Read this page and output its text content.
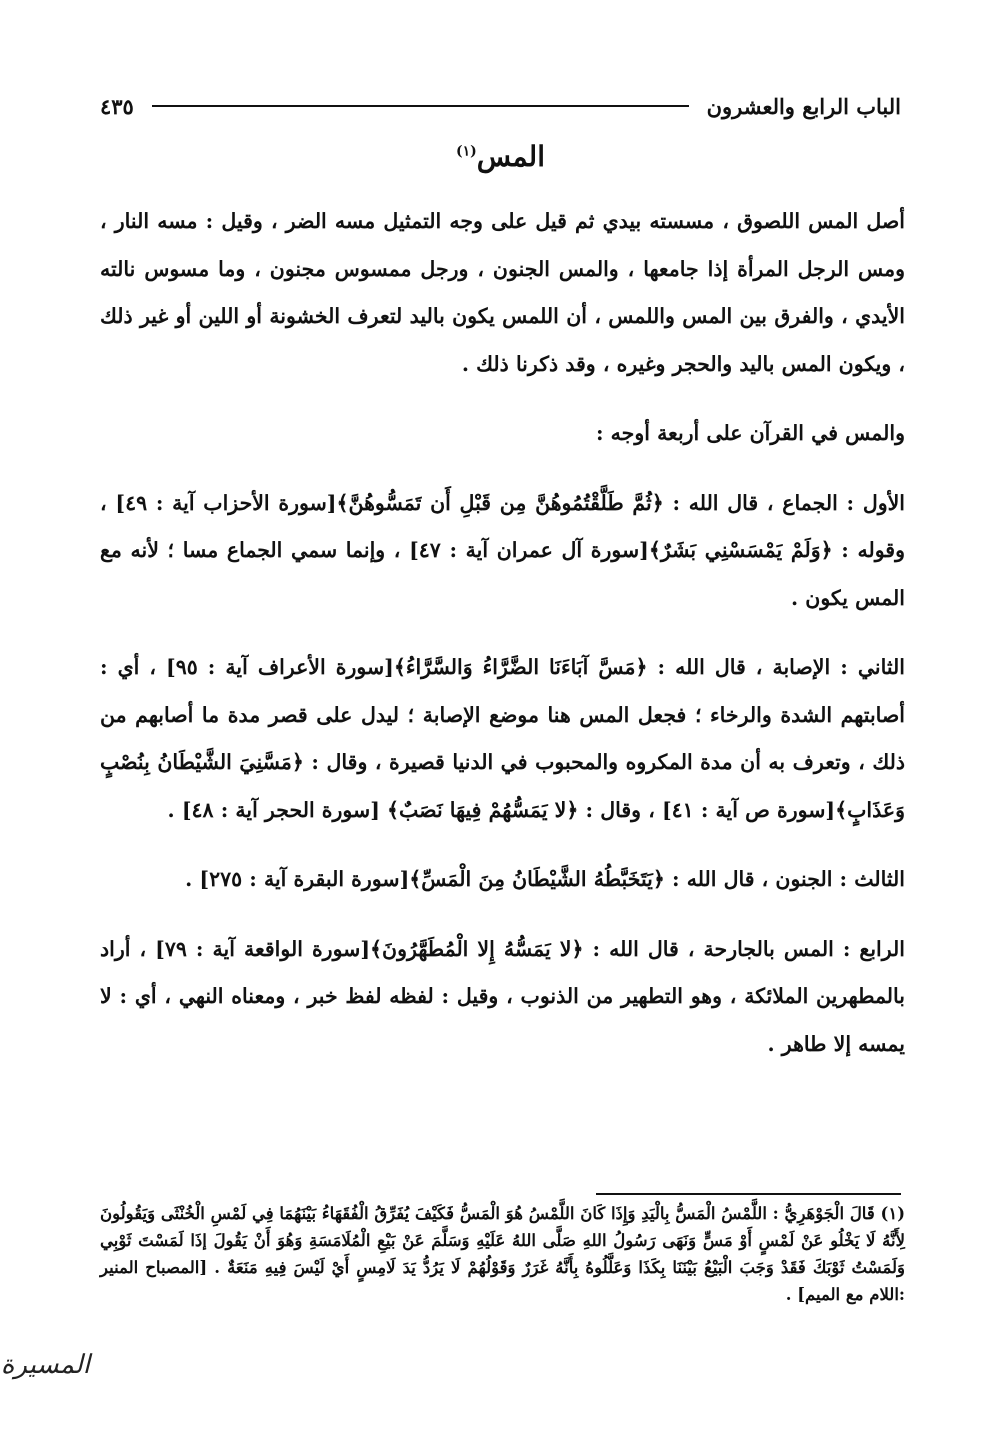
الباب الرابع والعشرون
٤٣٥
المس$^{(١)}$

أصل المس اللصوق ، مسسته بيدي ثم قيل على وجه التمثيل مسه الضر ، وقيل : مسه النار ، ومس الرجل المرأة إذا جامعها ، والمس الجنون ، ورجل ممسوس مجنون ، وما مسوس نالته الأيدي ، والفرق بين المس واللمس ، أن اللمس يكون باليد لتعرف الخشونة أو اللين أو غير ذلك ، ويكون المس باليد والحجر وغيره ، وقد ذكرنا ذلك .

والمس في القرآن على أربعة أوجه :

الأول : الجماع ، قال الله : ﴿ثُمَّ طَلَّقْتُمُوهُنَّ مِن قَبْلِ أَن تَمَسُّوهُنَّ﴾[سورة الأحزاب آية : ٤٩] ، وقوله : ﴿وَلَمْ يَمْسَسْنِي بَشَرٌ﴾[سورة آل عمران آية : ٤٧] ، وإنما سمي الجماع مسا ؛ لأنه مع المس يكون .

الثاني : الإصابة ، قال الله : ﴿مَسَّ آبَاءَنَا الضَّرَّاءُ وَالسَّرَّاءُ﴾[سورة الأعراف آية : ٩٥] ، أي : أصابتهم الشدة والرخاء ؛ فجعل المس هنا موضع الإصابة ؛ ليدل على قصر مدة ما أصابهم من ذلك ، وتعرف به أن مدة المكروه والمحبوب في الدنيا قصيرة ، وقال : ﴿مَسَّنِيَ الشَّيْطَانُ بِنُصْبٍ وَعَذَابٍ﴾[سورة ص آية : ٤١] ، وقال : ﴿لا يَمَسُّهُمْ فِيهَا نَصَبٌ﴾ [سورة الحجر آية : ٤٨] .

الثالث : الجنون ، قال الله : ﴿يَتَخَبَّطُهُ الشَّيْطَانُ مِنَ الْمَسِّ﴾[سورة البقرة آية : ٢٧٥] .

الرابع : المس بالجارحة ، قال الله : ﴿لا يَمَسُّهُ إِلا الْمُطَهَّرُونَ﴾[سورة الواقعة آية : ٧٩] ، أراد بالمطهرين الملائكة ، وهو التطهير من الذنوب ، وقيل : لفظه لفظ خبر ، ومعناه النهي ، أي : لا يمسه إلا طاهر .

(١) قَالَ الْجَوْهَرِيُّ : اللَّمْسُ الْمَسُّ بِالْيَدِ وَإِذَا كَانَ اللَّمْسُ هُوَ الْمَسُّ فَكَيْفَ يُفَرِّقُ الْفُقَهَاءُ بَيْنَهُمَا فِي لَمْسِ الْخُنْثَى وَيَقُولُونَ لِأَنَّهُ لَا يَخْلُو عَنْ لَمْسٍ أَوْ مَسٍّ وَنَهَى رَسُولُ اللهِ صَلَّى اللهُ عَلَيْهِ وَسَلَّمَ عَنْ بَيْعِ الْمُلَامَسَةِ وَهُوَ أَنْ يَقُولَ إذَا لَمَسْتَ ثَوْبِي وَلَمَسْتُ ثَوْبَكَ فَقَدْ وَجَبَ الْبَيْعُ بَيْنَنَا بِكَذَا وَعَلَّلُوهُ بِأَنَّهُ غَرَرٌ وَقَوْلُهُمْ لَا يَرُدُّ يَدَ لَامِسٍ أَيْ لَيْسَ فِيهِ مَنَعَةٌ . [المصباح المنير :اللام مع الميم] .

المسيرة
